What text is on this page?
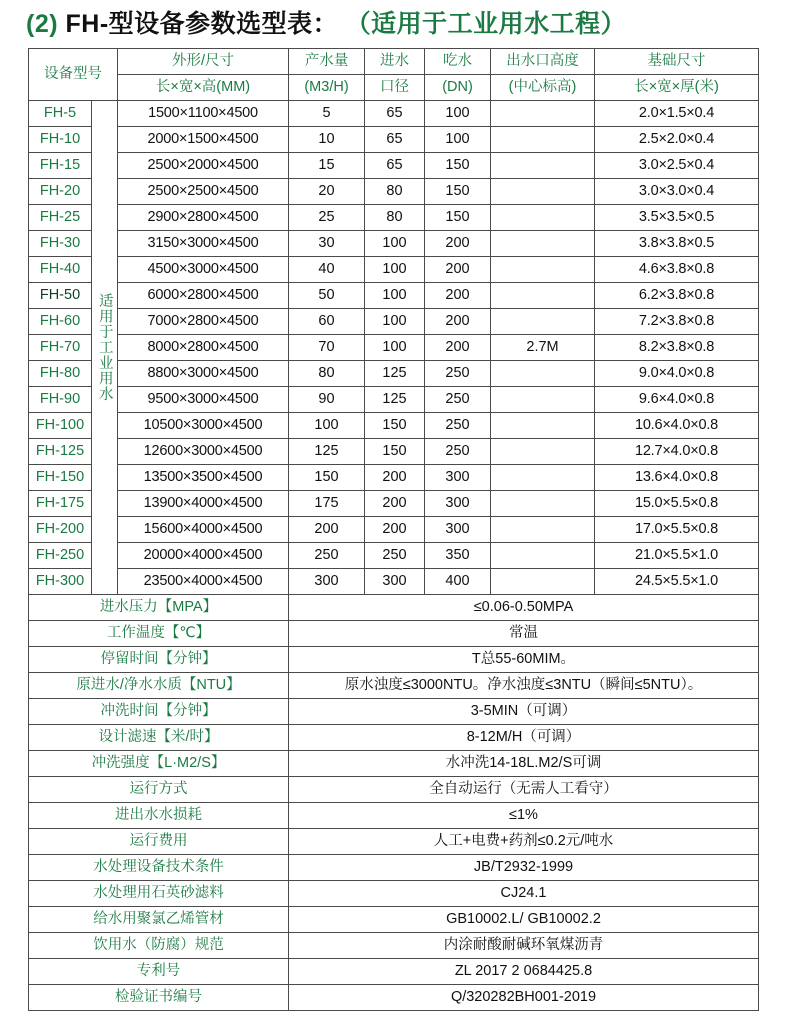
(2) FH-型设备参数选型表： （适用于工业用水工程）
设备型号		外形/尺寸	产水量	进水	吃水	出水口高度	基础尺寸
		长×宽×高(MM)	(M3/H)	口径	(DN)	(中心标高)	长×宽×厚(米)
FH-5	适用于工业用水	1500×1100×4500	5	65	100		2.0×1.5×0.4
FH-10		2000×1500×4500	10	65	100		2.5×2.0×0.4
FH-15		2500×2000×4500	15	65	150		3.0×2.5×0.4
FH-20		2500×2500×4500	20	80	150		3.0×3.0×0.4
FH-25		2900×2800×4500	25	80	150		3.5×3.5×0.5
FH-30		3150×3000×4500	30	100	200		3.8×3.8×0.5
FH-40		4500×3000×4500	40	100	200		4.6×3.8×0.8
FH-50		6000×2800×4500	50	100	200		6.2×3.8×0.8
FH-60		7000×2800×4500	60	100	200		7.2×3.8×0.8
FH-70		8000×2800×4500	70	100	200	2.7M	8.2×3.8×0.8
FH-80		8800×3000×4500	80	125	250		9.0×4.0×0.8
FH-90		9500×3000×4500	90	125	250		9.6×4.0×0.8
FH-100		10500×3000×4500	100	150	250		10.6×4.0×0.8
FH-125		12600×3000×4500	125	150	250		12.7×4.0×0.8
FH-150		13500×3500×4500	150	200	300		13.6×4.0×0.8
FH-175		13900×4000×4500	175	200	300		15.0×5.5×0.8
FH-200		15600×4000×4500	200	200	300		17.0×5.5×0.8
FH-250		20000×4000×4500	250	250	350		21.0×5.5×1.0
FH-300		23500×4000×4500	300	300	400		24.5×5.5×1.0
进水压力【MPA】			≤0.06-0.50MPA				
工作温度【℃】			常温				
停留时间【分钟】			T总55-60MIM。				
原进水/净水水质【NTU】			原水浊度≤3000NTU。净水浊度≤3NTU（瞬间≤5NTU）。				
冲洗时间【分钟】			3-5MIN（可调）				
设计滤速【米/时】			8-12M/H（可调）				
冲洗强度【L·M2/S】			水冲洗14-18L.M2/S可调				
运行方式			全自动运行（无需人工看守）				
进出水水损耗			≤1%				
运行费用			人工+电费+药剂≤0.2元/吨水				
水处理设备技术条件			JB/T2932-1999				
水处理用石英砂滤料			CJ24.1				
给水用聚氯乙烯管材			GB10002.L/ GB10002.2				
饮用水（防腐）规范			内涂耐酸耐碱环氧煤沥青				
专利号			ZL 2017 2 0684425.8				
检验证书编号			Q/320282BH001-2019				
